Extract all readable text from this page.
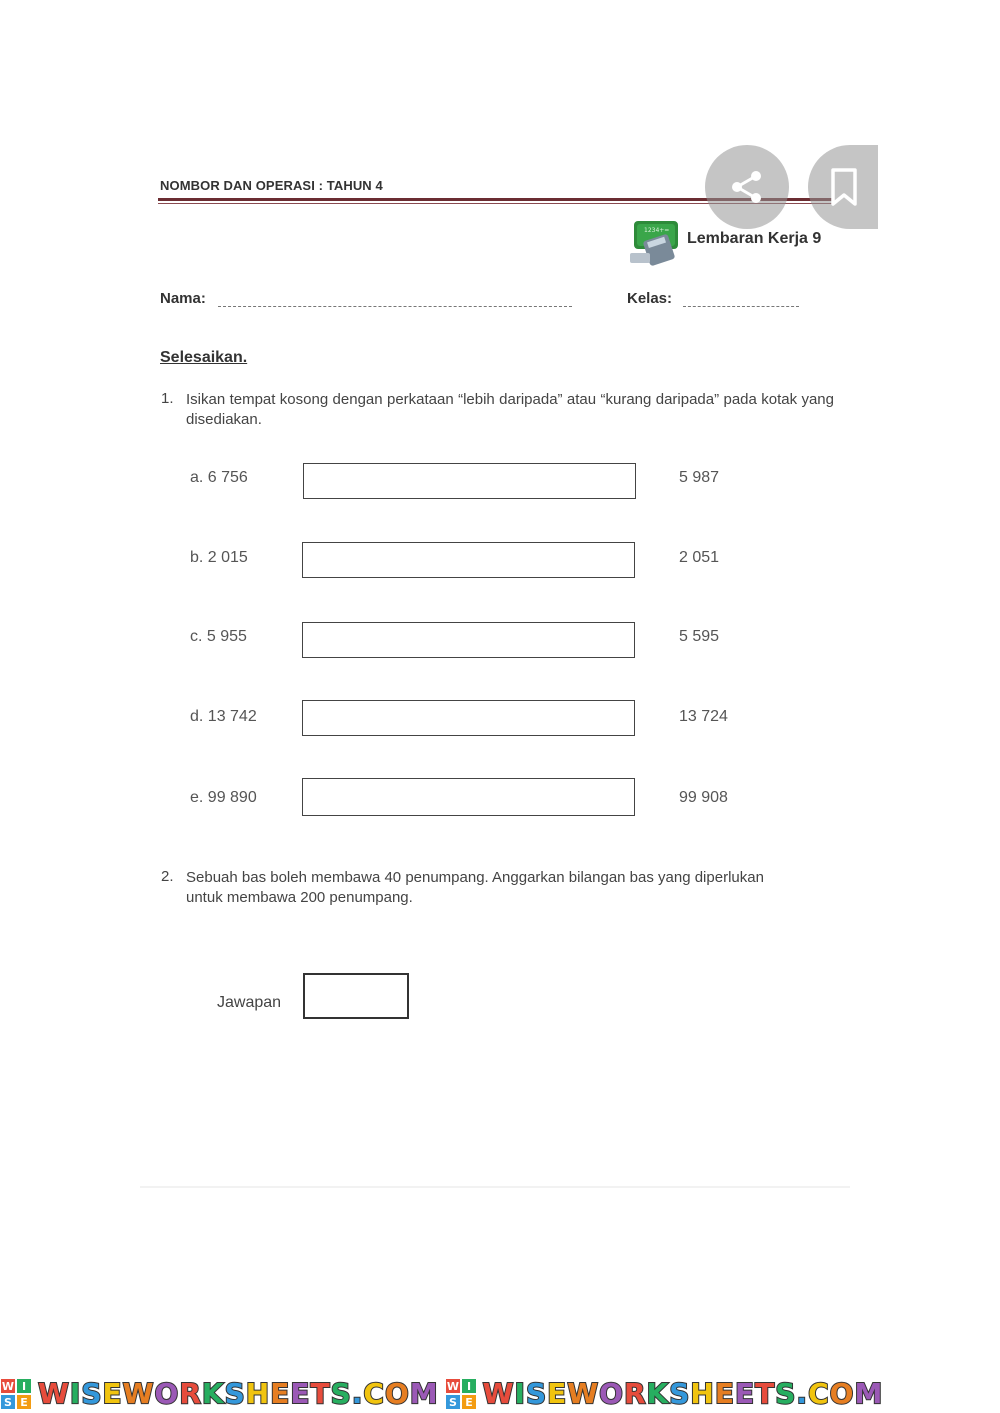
NOMBOR DAN OPERASI : TAHUN 4
1234+= Lembaran Kerja 9
Nama:	Kelas:
Selesaikan.
1. Isikan tempat kosong dengan perkataan “lebih daripada” atau “kurang daripada” pada kotak yang disediakan.
a. 6 756	5 987
b. 2 015	2 051
c. 5 955	5 595
d. 13 742	13 724
e. 99 890	99 908
2. Sebuah bas boleh membawa 40 penumpang. Anggarkan bilangan bas yang diperlukan untuk membawa 200 penumpang.
Jawapan
W I
S E WISEWORKSHEETS.COM W I
S E WISEWORKSHEETS.COM
